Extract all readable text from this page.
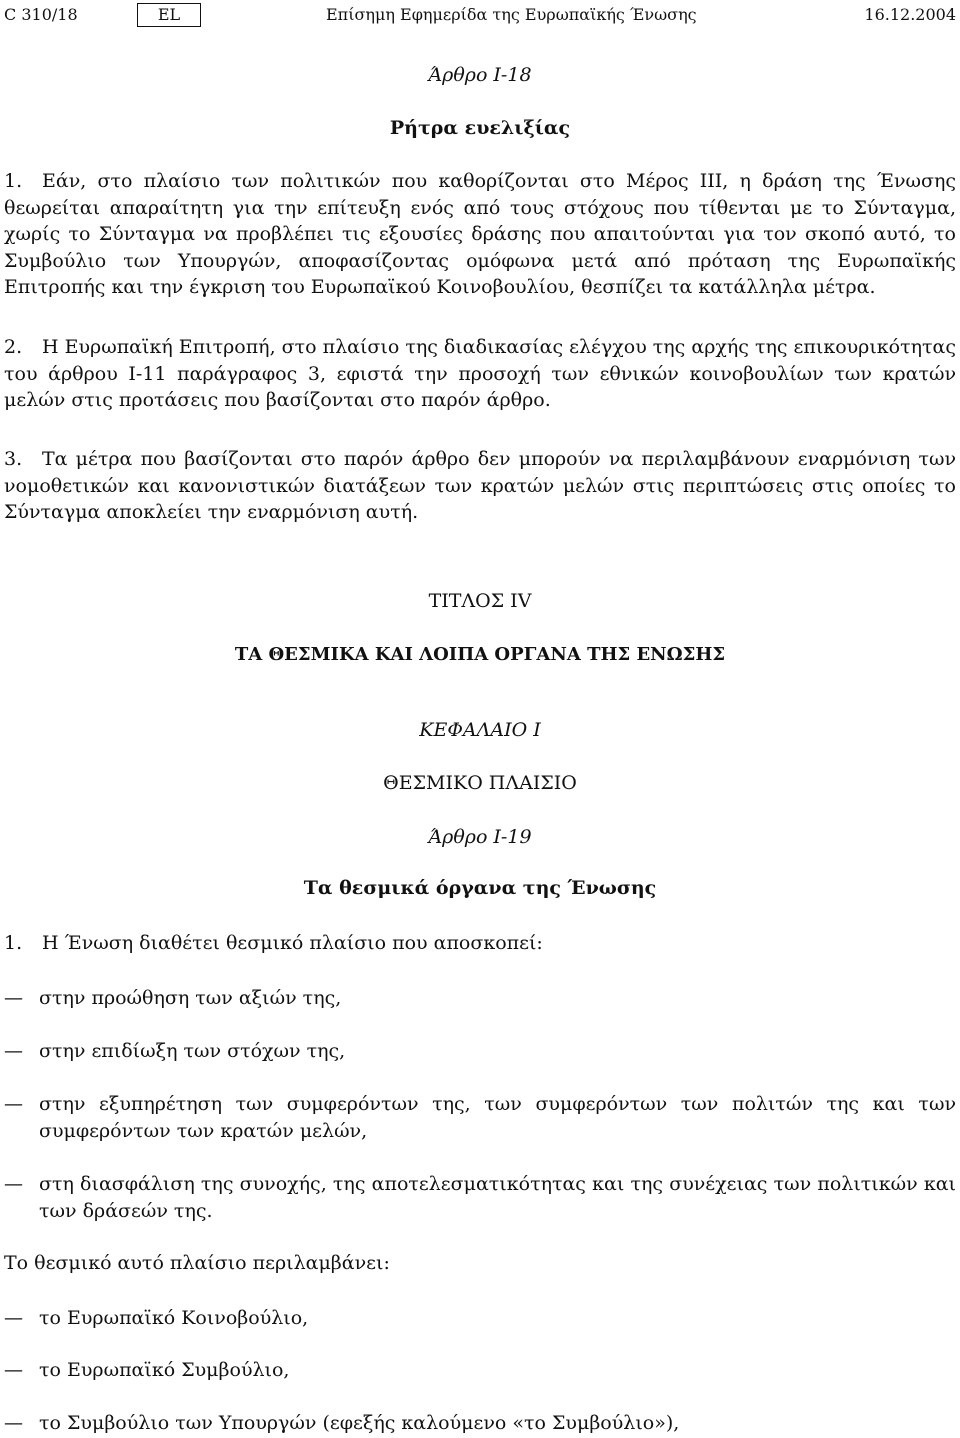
C 310/18	EL	Επίσημη Εφημερίδα της Ευρωπαϊκής Ένωσης	16.12.2004
Άρθρο I-18
Ρήτρα ευελιξίας
1. Εάν, στο πλαίσιο των πολιτικών που καθορίζονται στο Μέρος ΙΙΙ, η δράση της Ένωσης θεωρείται απαραίτητη για την επίτευξη ενός από τους στόχους που τίθενται με το Σύνταγμα, χωρίς το Σύνταγμα να προβλέπει τις εξουσίες δράσης που απαιτούνται για τον σκοπό αυτό, το Συμβούλιο των Υπουργών, αποφασίζοντας ομόφωνα μετά από πρόταση της Ευρωπαϊκής Επιτροπής και την έγκριση του Ευρωπαϊκού Κοινοβουλίου, θεσπίζει τα κατάλληλα μέτρα.
2. Η Ευρωπαϊκή Επιτροπή, στο πλαίσιο της διαδικασίας ελέγχου της αρχής της επικουρικότητας του άρθρου I-11 παράγραφος 3, εφιστά την προσοχή των εθνικών κοινοβουλίων των κρατών μελών στις προτάσεις που βασίζονται στο παρόν άρθρο.
3. Τα μέτρα που βασίζονται στο παρόν άρθρο δεν μπορούν να περιλαμβάνουν εναρμόνιση των νομοθετικών και κανονιστικών διατάξεων των κρατών μελών στις περιπτώσεις στις οποίες το Σύνταγμα αποκλείει την εναρμόνιση αυτή.
ΤΙΤΛΟΣ IV
ΤΑ ΘΕΣΜΙΚΑ ΚΑΙ ΛΟΙΠΑ ΟΡΓΑΝΑ ΤΗΣ ΕΝΩΣΗΣ
ΚΕΦΑΛΑΙΟ I
ΘΕΣΜΙΚΟ ΠΛΑΙΣΙΟ
Άρθρο I-19
Τα θεσμικά όργανα της Ένωσης
1. Η Ένωση διαθέτει θεσμικό πλαίσιο που αποσκοπεί:
— στην προώθηση των αξιών της,
— στην επιδίωξη των στόχων της,
— στην εξυπηρέτηση των συμφερόντων της, των συμφερόντων των πολιτών της και των συμφερόντων των κρατών μελών,
— στη διασφάλιση της συνοχής, της αποτελεσματικότητας και της συνέχειας των πολιτικών και των δράσεών της.
Το θεσμικό αυτό πλαίσιο περιλαμβάνει:
— το Ευρωπαϊκό Κοινοβούλιο,
— το Ευρωπαϊκό Συμβούλιο,
— το Συμβούλιο των Υπουργών (εφεξής καλούμενο «το Συμβούλιο»),
